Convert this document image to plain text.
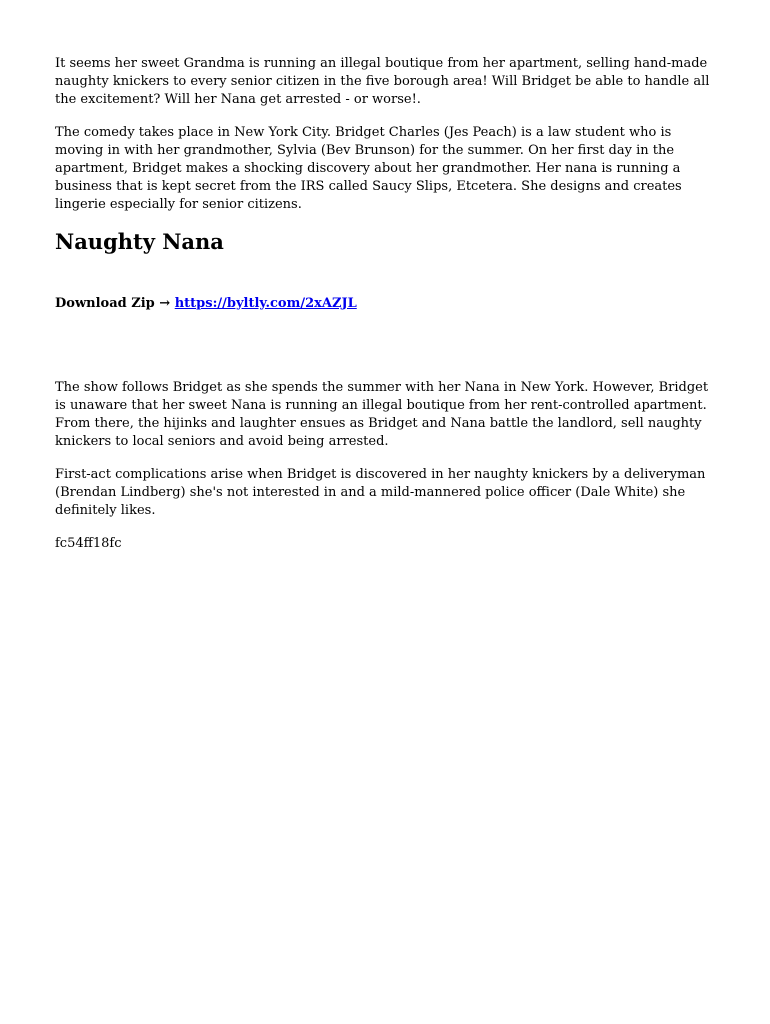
It seems her sweet Grandma is running an illegal boutique from her apartment, selling hand-made naughty knickers to every senior citizen in the five borough area! Will Bridget be able to handle all the excitement? Will her Nana get arrested - or worse!.

The comedy takes place in New York City. Bridget Charles (Jes Peach) is a law student who is moving in with her grandmother, Sylvia (Bev Brunson) for the summer. On her first day in the apartment, Bridget makes a shocking discovery about her grandmother. Her nana is running a business that is kept secret from the IRS called Saucy Slips, Etcetera. She designs and creates lingerie especially for senior citizens.

Naughty Nana
Download Zip → https://byltly.com/2xAZJL

The show follows Bridget as she spends the summer with her Nana in New York. However, Bridget is unaware that her sweet Nana is running an illegal boutique from her rent-controlled apartment. From there, the hijinks and laughter ensues as Bridget and Nana battle the landlord, sell naughty knickers to local seniors and avoid being arrested.

First-act complications arise when Bridget is discovered in her naughty knickers by a deliveryman (Brendan Lindberg) she's not interested in and a mild-mannered police officer (Dale White) she definitely likes.

fc54ff18fc
